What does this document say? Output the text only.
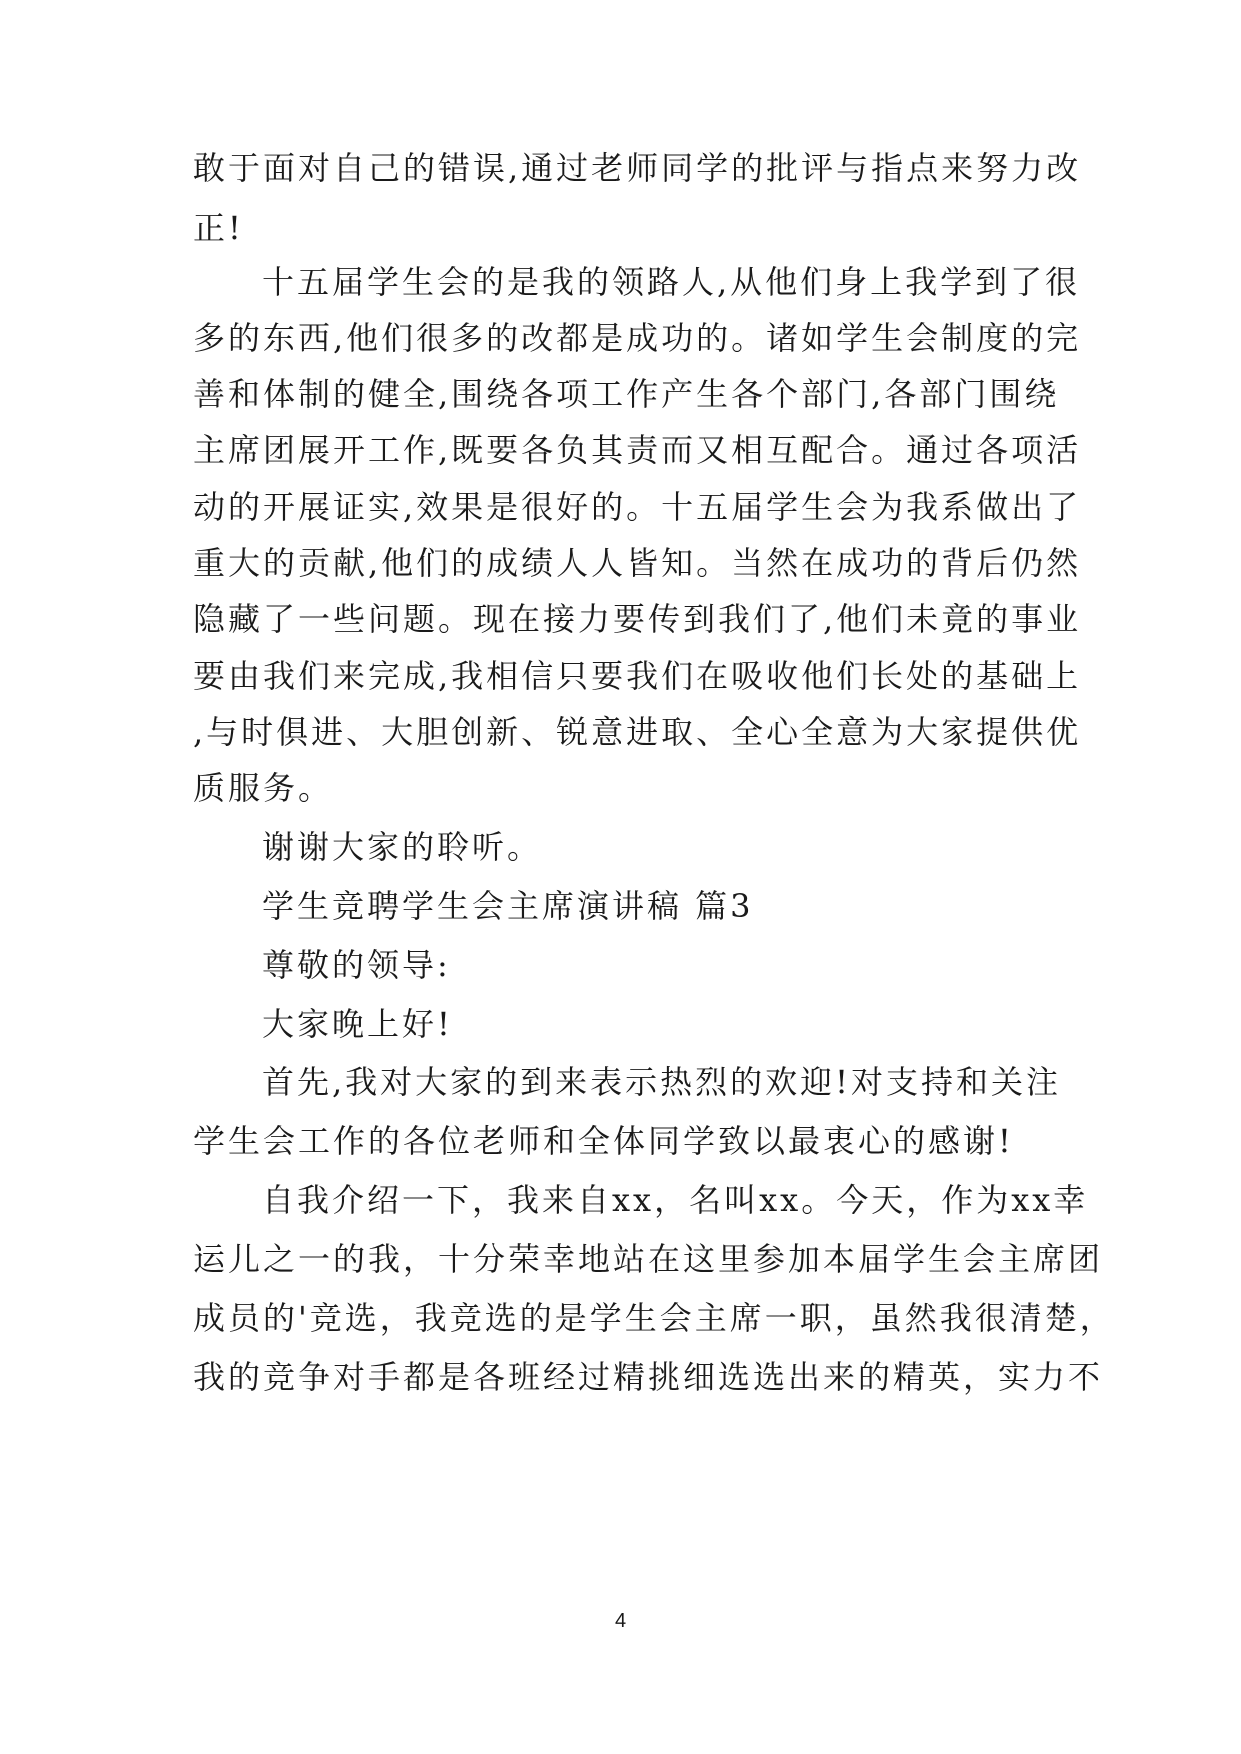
敢于面对自己的错误,通过老师同学的批评与指点来努力改
正!
十五届学生会的是我的领路人,从他们身上我学到了很
多的东西,他们很多的改都是成功的。诸如学生会制度的完
善和体制的健全,围绕各项工作产生各个部门,各部门围绕
主席团展开工作,既要各负其责而又相互配合。通过各项活
动的开展证实,效果是很好的。十五届学生会为我系做出了
重大的贡献,他们的成绩人人皆知。当然在成功的背后仍然
隐藏了一些问题。现在接力要传到我们了,他们未竟的事业
要由我们来完成,我相信只要我们在吸收他们长处的基础上
,与时俱进、大胆创新、锐意进取、全心全意为大家提供优
质服务。
谢谢大家的聆听。
学生竞聘学生会主席演讲稿 篇3
尊敬的领导:
大家晚上好!
首先,我对大家的到来表示热烈的欢迎!对支持和关注
学生会工作的各位老师和全体同学致以最衷心的感谢!
自我介绍一下，我来自xx，名叫xx。今天，作为xx幸
运儿之一的我，十分荣幸地站在这里参加本届学生会主席团
成员的'竞选，我竞选的是学生会主席一职，虽然我很清楚，
我的竞争对手都是各班经过精挑细选选出来的精英，实力不
4
